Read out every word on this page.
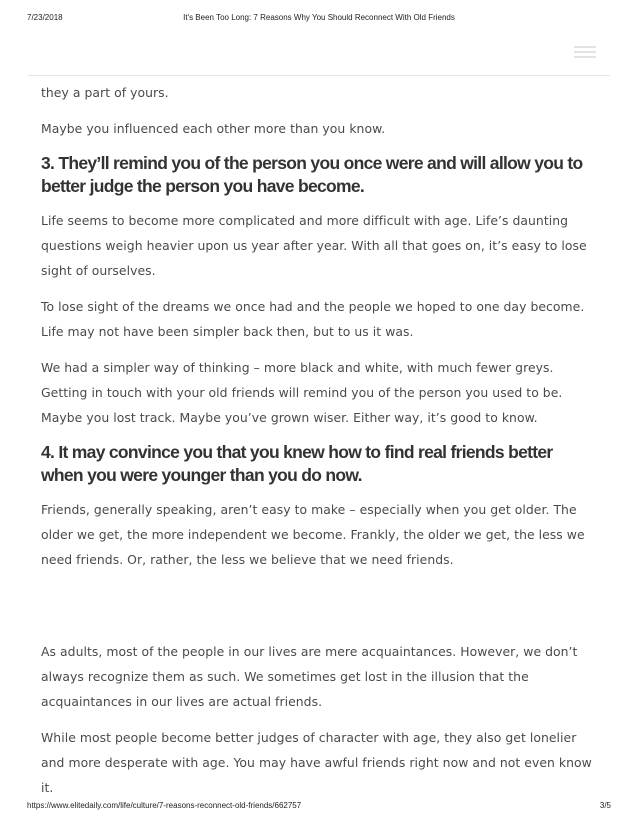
7/23/2018	It's Been Too Long: 7 Reasons Why You Should Reconnect With Old Friends

they a part of yours.

Maybe you influenced each other more than you know.

3. They’ll remind you of the person you once were and will allow you to better judge the person you have become.

Life seems to become more complicated and more difficult with age. Life’s daunting questions weigh heavier upon us year after year. With all that goes on, it’s easy to lose sight of ourselves.

To lose sight of the dreams we once had and the people we hoped to one day become. Life may not have been simpler back then, but to us it was.

We had a simpler way of thinking – more black and white, with much fewer greys. Getting in touch with your old friends will remind you of the person you used to be. Maybe you lost track. Maybe you’ve grown wiser. Either way, it’s good to know.

4. It may convince you that you knew how to find real friends better when you were younger than you do now.

Friends, generally speaking, aren’t easy to make – especially when you get older. The older we get, the more independent we become. Frankly, the older we get, the less we need friends. Or, rather, the less we believe that we need friends.

As adults, most of the people in our lives are mere acquaintances. However, we don’t always recognize them as such. We sometimes get lost in the illusion that the acquaintances in our lives are actual friends.

While most people become better judges of character with age, they also get lonelier and more desperate with age. You may have awful friends right now and not even know it.

https://www.elitedaily.com/life/culture/7-reasons-reconnect-old-friends/662757	3/5
